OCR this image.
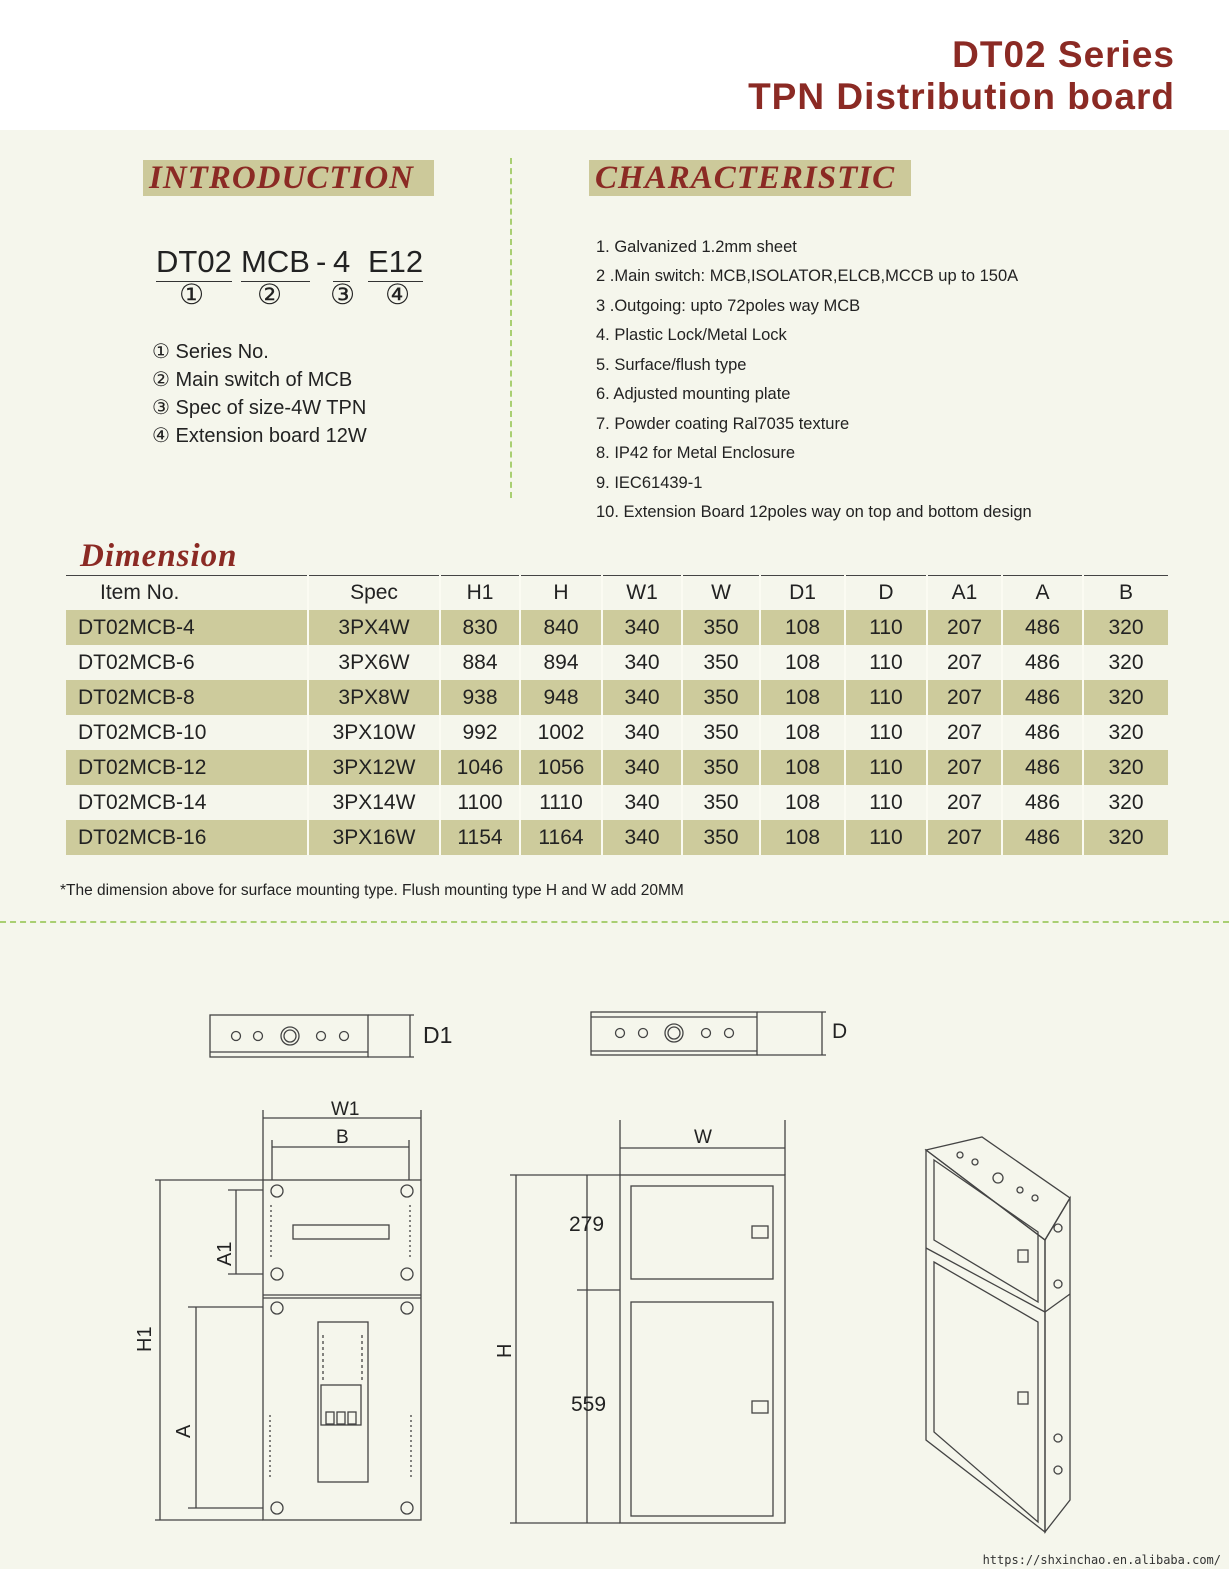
DT02 Series
TPN Distribution board
INTRODUCTION
DT02 MCB - 4 E12
① ② ③ ④
① Series No.
② Main switch of MCB
③ Spec of size-4W TPN
④ Extension board 12W
CHARACTERISTIC
1. Galvanized 1.2mm sheet
2 .Main switch: MCB,ISOLATOR,ELCB,MCCB up to 150A
3 .Outgoing: upto 72poles way MCB
4. Plastic Lock/Metal Lock
5. Surface/flush type
6. Adjusted mounting plate
7. Powder coating Ral7035 texture
8. IP42 for Metal Enclosure
9. IEC61439-1
10. Extension Board 12poles way on top and bottom design
Dimension
Item No.	Spec	H1	H	W1	W	D1	D	A1	A	B
DT02MCB-4	3PX4W	830	840	340	350	108	110	207	486	320
DT02MCB-6	3PX6W	884	894	340	350	108	110	207	486	320
DT02MCB-8	3PX8W	938	948	340	350	108	110	207	486	320
DT02MCB-10	3PX10W	992	1002	340	350	108	110	207	486	320
DT02MCB-12	3PX12W	1046	1056	340	350	108	110	207	486	320
DT02MCB-14	3PX14W	1100	1110	340	350	108	110	207	486	320
DT02MCB-16	3PX16W	1154	1164	340	350	108	110	207	486	320
*The dimension above for surface mounting type. Flush mounting type H and W add 20MM
D1	D
W1
B	W
A1
H1
A
H
279
559
https://shxinchao.en.alibaba.com/
